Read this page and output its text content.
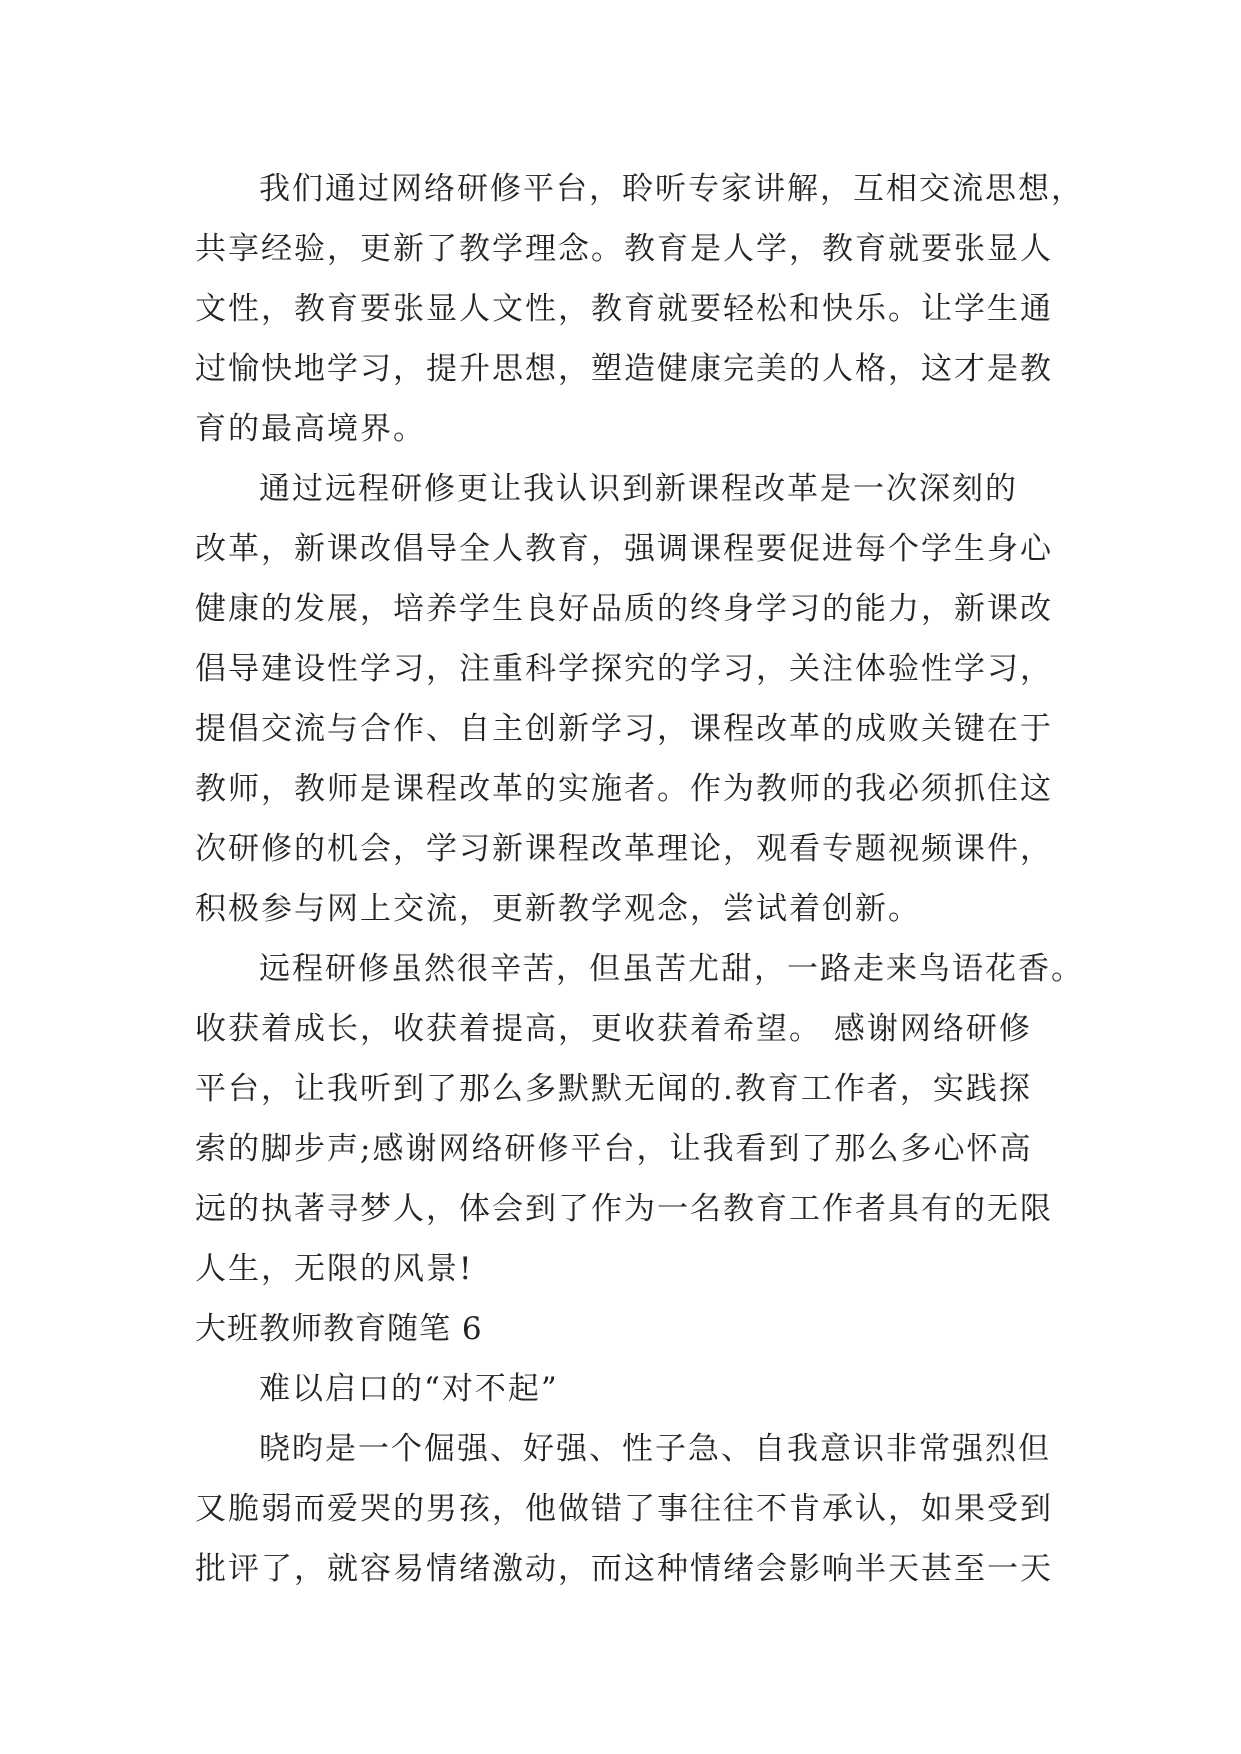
我们通过网络研修平台，聆听专家讲解，互相交流思想，
共享经验，更新了教学理念。教育是人学，教育就要张显人
文性，教育要张显人文性，教育就要轻松和快乐。让学生通
过愉快地学习，提升思想，塑造健康完美的人格，这才是教
育的最高境界。
通过远程研修更让我认识到新课程改革是一次深刻的
改革，新课改倡导全人教育，强调课程要促进每个学生身心
健康的发展，培养学生良好品质的终身学习的能力，新课改
倡导建设性学习，注重科学探究的学习，关注体验性学习，
提倡交流与合作、自主创新学习，课程改革的成败关键在于
教师，教师是课程改革的实施者。作为教师的我必须抓住这
次研修的机会，学习新课程改革理论，观看专题视频课件，
积极参与网上交流，更新教学观念，尝试着创新。
远程研修虽然很辛苦，但虽苦尤甜，一路走来鸟语花香。
收获着成长，收获着提高，更收获着希望。 感谢网络研修
平台，让我听到了那么多默默无闻的.教育工作者，实践探
索的脚步声;感谢网络研修平台，让我看到了那么多心怀高
远的执著寻梦人，体会到了作为一名教育工作者具有的无限
人生，无限的风景!
大班教师教育随笔 6
难以启口的“对不起”
晓昀是一个倔强、好强、性子急、自我意识非常强烈但
又脆弱而爱哭的男孩，他做错了事往往不肯承认，如果受到
批评了，就容易情绪激动，而这种情绪会影响半天甚至一天
